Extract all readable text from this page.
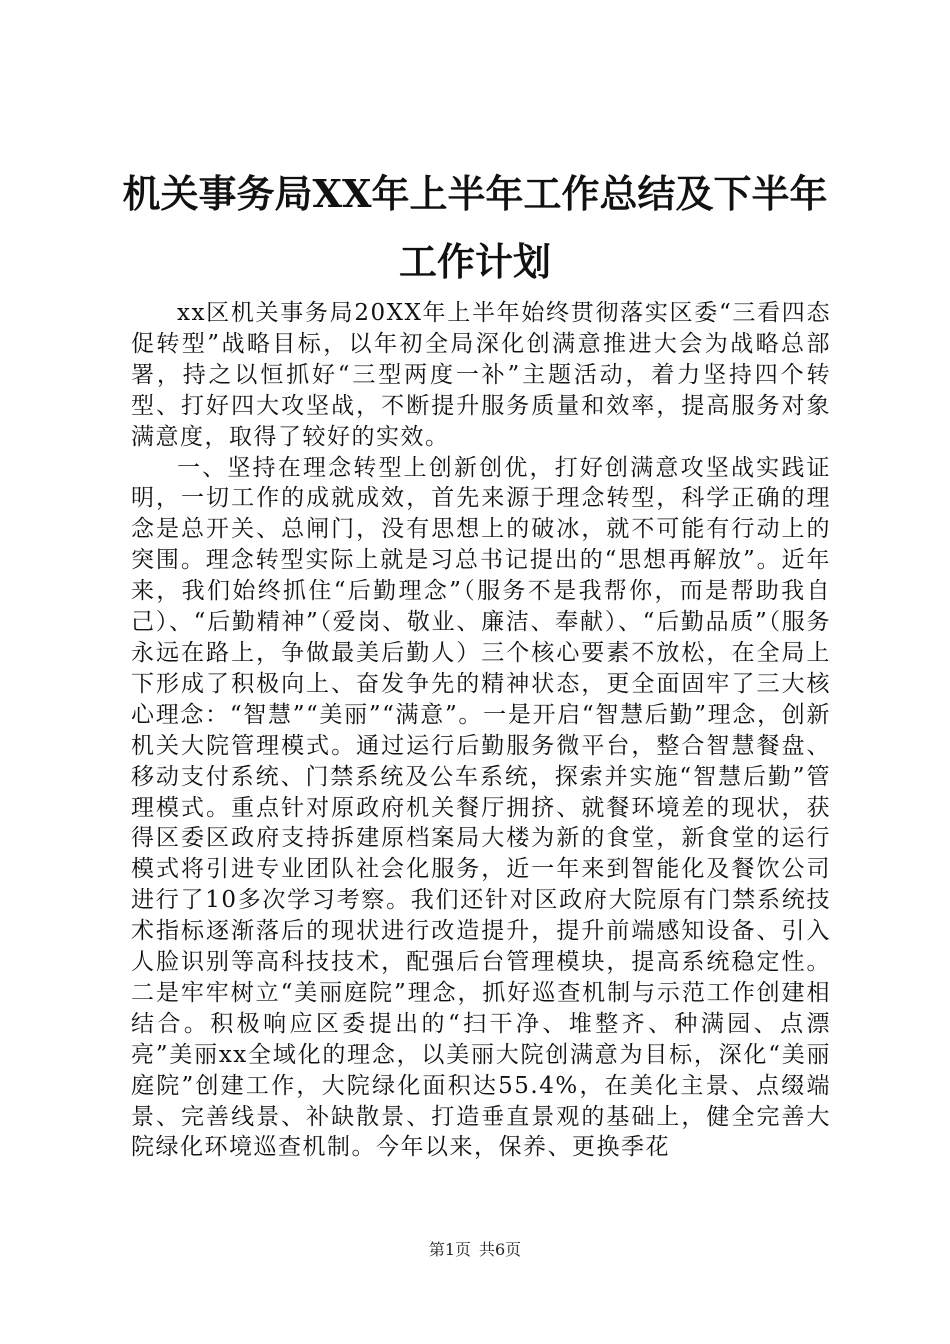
机关事务局XX年上半年工作总结及下半年工作计划

xx区机关事务局20XX年上半年始终贯彻落实区委“三看四态促转型”战略目标，以年初全局深化创满意推进大会为战略总部署，持之以恒抓好“三型两度一补”主题活动，着力坚持四个转型、打好四大攻坚战，不断提升服务质量和效率，提高服务对象满意度，取得了较好的实效。

一、坚持在理念转型上创新创优，打好创满意攻坚战实践证明，一切工作的成就成效，首先来源于理念转型，科学正确的理念是总开关、总闸门，没有思想上的破冰，就不可能有行动上的突围。理念转型实际上就是习总书记提出的“思想再解放”。近年来，我们始终抓住“后勤理念”（服务不是我帮你，而是帮助我自己）、“后勤精神”（爱岗、敬业、廉洁、奉献）、“后勤品质”（服务永远在路上，争做最美后勤人）三个核心要素不放松，在全局上下形成了积极向上、奋发争先的精神状态，更全面固牢了三大核心理念：“智慧”“美丽”“满意”。一是开启“智慧后勤”理念，创新机关大院管理模式。通过运行后勤服务微平台，整合智慧餐盘、移动支付系统、门禁系统及公车系统，探索并实施“智慧后勤”管理模式。重点针对原政府机关餐厅拥挤、就餐环境差的现状，获得区委区政府支持拆建原档案局大楼为新的食堂，新食堂的运行模式将引进专业团队社会化服务，近一年来到智能化及餐饮公司进行了10多次学习考察。我们还针对区政府大院原有门禁系统技术指标逐渐落后的现状进行改造提升，提升前端感知设备、引入人脸识别等高科技技术，配强后台管理模块，提高系统稳定性。二是牢牢树立“美丽庭院”理念，抓好巡查机制与示范工作创建相结合。积极响应区委提出的“扫干净、堆整齐、种满园、点漂亮”美丽xx全域化的理念，以美丽大院创满意为目标，深化“美丽庭院”创建工作，大院绿化面积达55.4%，在美化主景、点缀端景、完善线景、补缺散景、打造垂直景观的基础上，健全完善大院绿化环境巡查机制。今年以来，保养、更换季花

第1页 共6页
